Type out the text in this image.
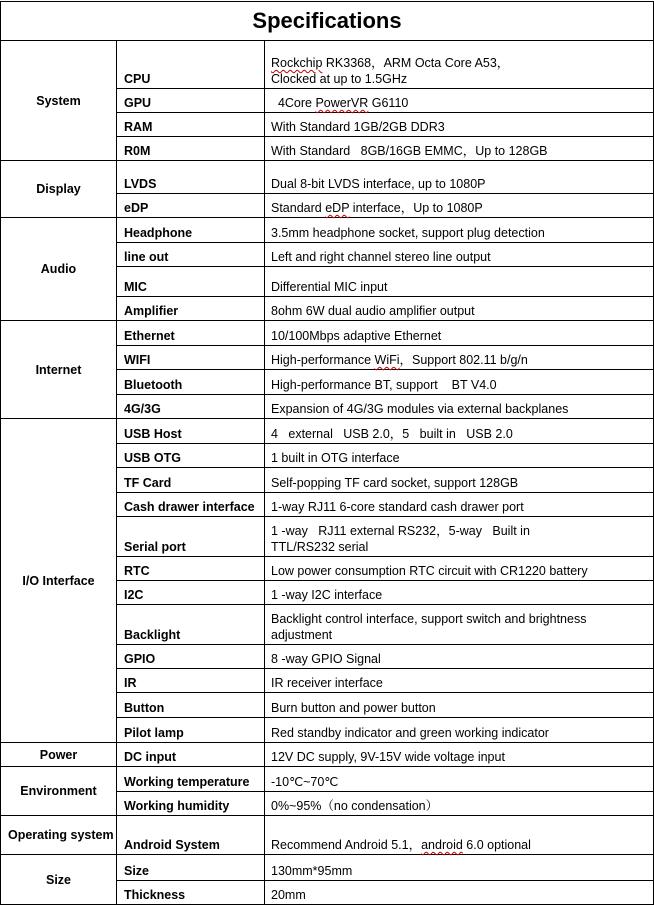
Specifications		
System	CPU	Rockchip RK3368，ARM Octa Core A53，
Clocked at up to 1.5GHz

	GPU	4Core PowerVR G6110

	RAM	With Standard 1GB/2GB DDR3

	R0M	With Standard   8GB/16GB EMMC，Up to 128GB

Display	LVDS	Dual 8-bit LVDS interface, up to 1080P

	eDP	Standard eDP interface，Up to 1080P

Audio	Headphone	3.5mm headphone socket, support plug detection

	line out	Left and right channel stereo line output

	MIC	Differential MIC input

	Amplifier	8ohm 6W dual audio amplifier output

Internet	Ethernet	10/100Mbps adaptive Ethernet

	WIFI	High-performance WiFi，Support 802.11 b/g/n

	Bluetooth	High-performance BT, support    BT V4.0

	4G/3G	Expansion of 4G/3G modules via external backplanes

I/O Interface	USB Host	4   external   USB 2.0，5   built in   USB 2.0

	USB OTG	1 built in OTG interface

	TF Card	Self-popping TF card socket, support 128GB

	Cash drawer interface	1-way RJ11 6-core standard cash drawer port

	Serial port	1 -way   RJ11 external RS232，5-way   Built in
TTL/RS232 serial

	RTC	Low power consumption RTC circuit with CR1220 battery

	I2C	1 -way I2C interface

	Backlight	Backlight control interface, support switch and brightness
adjustment

	GPIO	8 -way GPIO Signal

	IR	IR receiver interface

	Button	Burn button and power button

	Pilot lamp	Red standby indicator and green working indicator

Power	DC input	12V DC supply, 9V-15V wide voltage input

Environment	Working temperature	-10℃~70℃

	Working humidity	0%~95%（no condensation）

Operating system	Android System	Recommend Android 5.1，android 6.0 optional

Size	Size	130mm*95mm

	Thickness	20mm
